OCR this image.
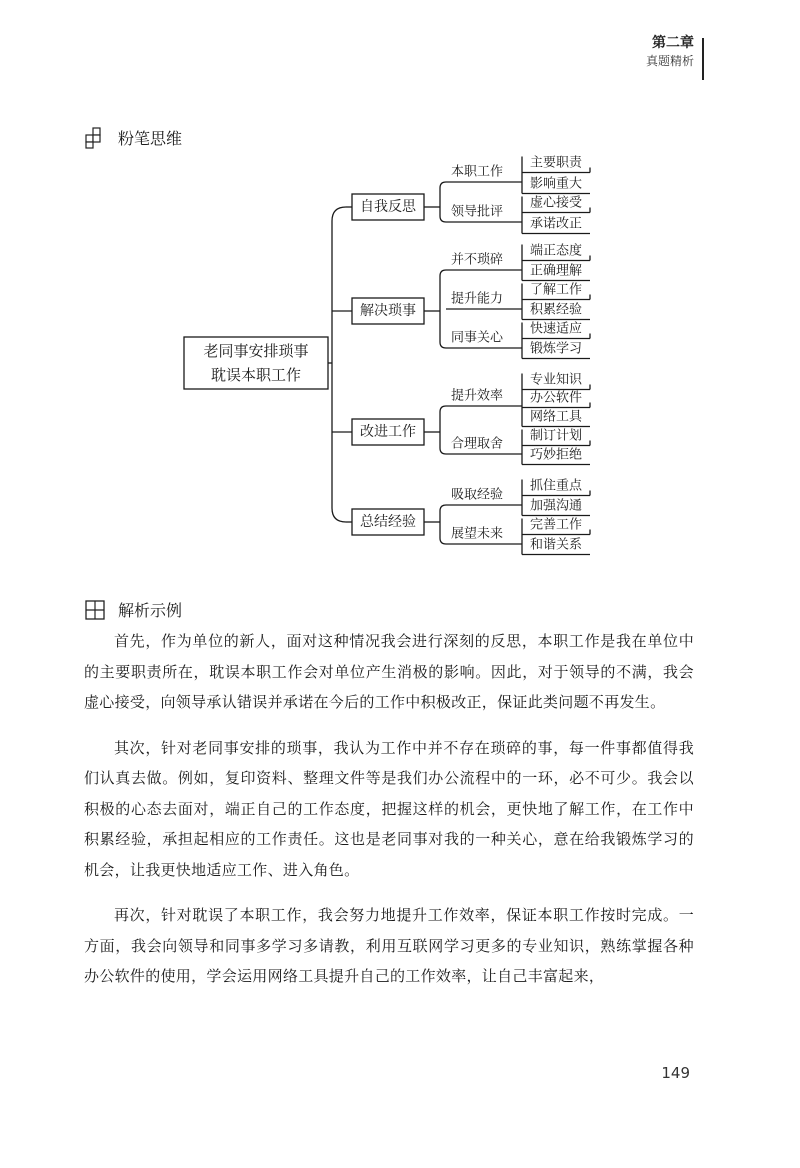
第二章
真题精析
粉笔思维
老同事安排琐事
耽误本职工作
自我反思
本职工作
主要职责
影响重大
领导批评
虚心接受
承诺改正
解决琐事
并不琐碎
端正态度
正确理解
提升能力
了解工作
积累经验
同事关心
快速适应
锻炼学习
改进工作
提升效率
专业知识
办公软件
网络工具
合理取舍
制订计划
巧妙拒绝
总结经验
吸取经验
抓住重点
加强沟通
展望未来
完善工作
和谐关系
解析示例

首先，作为单位的新人，面对这种情况我会进行深刻的反思，本职工作是我在单位中的主要职责所在，耽误本职工作会对单位产生消极的影响。因此，对于领导的不满，我会虚心接受，向领导承认错误并承诺在今后的工作中积极改正，保证此类问题不再发生。

其次，针对老同事安排的琐事，我认为工作中并不存在琐碎的事，每一件事都值得我们认真去做。例如，复印资料、整理文件等是我们办公流程中的一环，必不可少。我会以积极的心态去面对，端正自己的工作态度，把握这样的机会，更快地了解工作，在工作中积累经验，承担起相应的工作责任。这也是老同事对我的一种关心，意在给我锻炼学习的机会，让我更快地适应工作、进入角色。

再次，针对耽误了本职工作，我会努力地提升工作效率，保证本职工作按时完成。一方面，我会向领导和同事多学习多请教，利用互联网学习更多的专业知识，熟练掌握各种办公软件的使用，学会运用网络工具提升自己的工作效率，让自己丰富起来，

149
